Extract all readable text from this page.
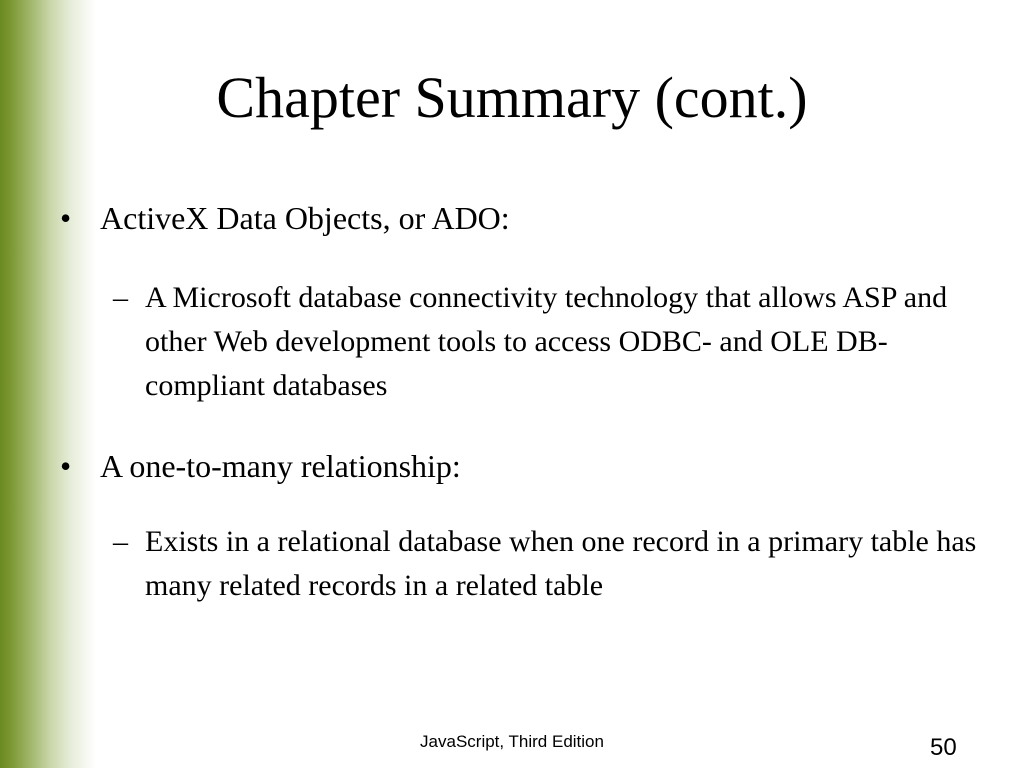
Chapter Summary (cont.)
• ActiveX Data Objects, or ADO:
– A Microsoft database connectivity technology that allows ASP and other Web development tools to access ODBC- and OLE DB-compliant databases
• A one-to-many relationship:
– Exists in a relational database when one record in a primary table has many related records in a related table
JavaScript, Third Edition	50
